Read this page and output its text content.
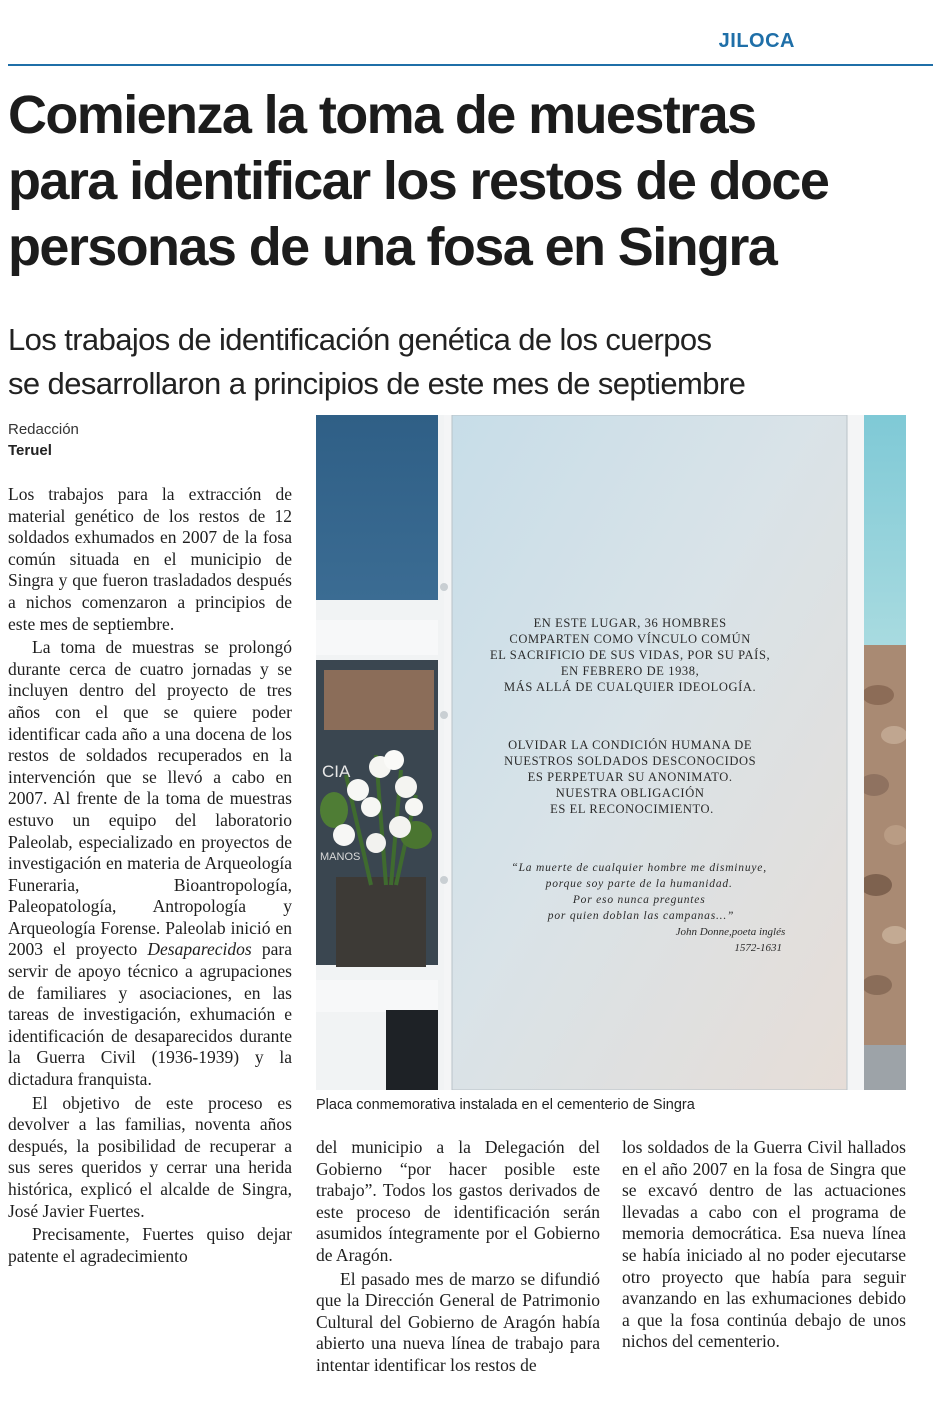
JILOCA
Comienza la toma de muestras
para identificar los restos de doce
personas de una fosa en Singra
Los trabajos de identificación genética de los cuerpos
se desarrollaron a principios de este mes de septiembre
Redacción
Teruel

Los trabajos para la extracción de material genético de los restos de 12 soldados exhumados en 2007 de la fosa común situada en el municipio de Singra y que fueron trasladados después a nichos comenzaron a principios de este mes de septiembre.

La toma de muestras se prolongó durante cerca de cuatro jornadas y se incluyen dentro del proyecto de tres años con el que se quiere poder identificar cada año a una docena de los restos de soldados recuperados en la intervención que se llevó a cabo en 2007. Al frente de la toma de muestras estuvo un equipo del laboratorio Paleolab, especializado en proyectos de investigación en materia de Arqueología Funeraria, Bioantropología, Paleopatología, Antropología y Arqueología Forense. Paleolab inició en 2003 el proyecto Desaparecidos para servir de apoyo técnico a agrupaciones de familiares y asociaciones, en las tareas de investigación, exhumación e identificación de desaparecidos durante la Guerra Civil (1936-1939) y la dictadura franquista.

El objetivo de este proceso es devolver a las familias, noventa años después, la posibilidad de recuperar a sus seres queridos y cerrar una herida histórica, explicó el alcalde de Singra, José Javier Fuertes.

Precisamente, Fuertes quiso dejar patente el agradecimiento

CIA
MANOS
EN ESTE LUGAR, 36 HOMBRES COMPARTEN COMO VÍNCULO COMÚN EL SACRIFICIO DE SUS VIDAS, POR SU PAÍS, EN FEBRERO DE 1938, MÁS ALLÁ DE CUALQUIER IDEOLOGÍA. OLVIDAR LA CONDICIÓN HUMANA DE NUESTROS SOLDADOS DESCONOCIDOS ES PERPETUAR SU ANONIMATO. NUESTRA OBLIGACIÓN ES EL RECONOCIMIENTO.
“La muerte de cualquier hombre me disminuye, porque soy parte de la humanidad. Por eso nunca preguntes por quien doblan las campanas...”
John Donne,poeta inglés 1572-1631
Placa conmemorativa instalada en el cementerio de Singra

del municipio a la Delegación del Gobierno “por hacer posible este trabajo”. Todos los gastos derivados de este proceso de identificación serán asumidos íntegramente por el Gobierno de Aragón.

El pasado mes de marzo se difundió que la Dirección General de Patrimonio Cultural del Gobierno de Aragón había abierto una nueva línea de trabajo para intentar identificar los restos de

los soldados de la Guerra Civil hallados en el año 2007 en la fosa de Singra que se excavó dentro de las actuaciones llevadas a cabo con el programa de memoria democrática. Esa nueva línea se había iniciado al no poder ejecutarse otro proyecto que había para seguir avanzando en las exhumaciones debido a que la fosa continúa debajo de unos nichos del cementerio.
